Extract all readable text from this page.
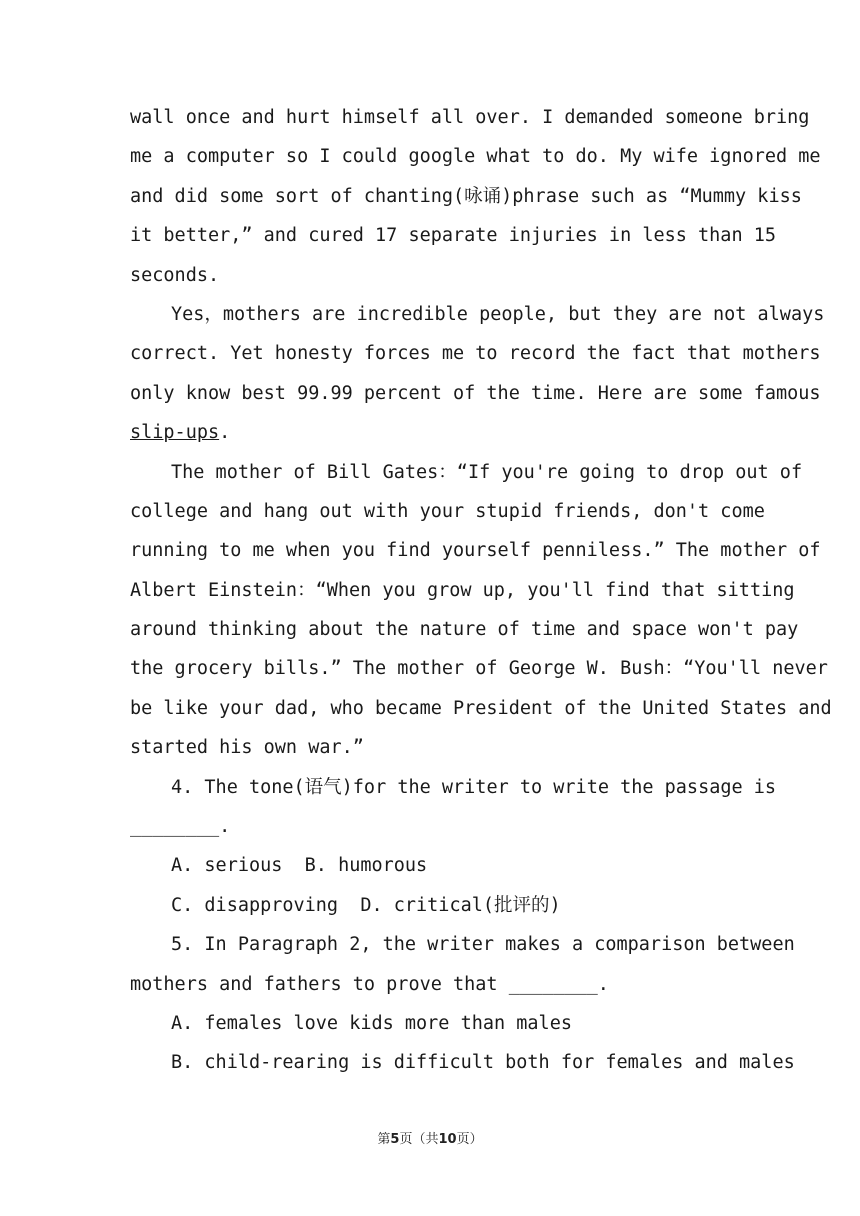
wall once and hurt himself all over. I demanded someone bring
me a computer so I could google what to do. My wife ignored me
and did some sort of chanting(咏诵)phrase such as “Mummy kiss
it better,” and cured 17 separate injuries in less than 15
seconds.
Yes，mothers are incredible people, but they are not always
correct. Yet honesty forces me to record the fact that mothers
only know best 99.99 percent of the time. Here are some famous
slip-ups.
The mother of Bill Gates：“If you're going to drop out of
college and hang out with your stupid friends, don't come
running to me when you find yourself penniless.” The mother of
Albert Einstein：“When you grow up, you'll find that sitting
around thinking about the nature of time and space won't pay
the grocery bills.” The mother of George W. Bush：“You'll never
be like your dad, who became President of the United States and
started his own war.”
4. The tone(语气)for the writer to write the passage is
________.
A. serious  B. humorous
C. disapproving  D. critical(批评的)
5. In Paragraph 2, the writer makes a comparison between
mothers and fathers to prove that ________.
A. females love kids more than males
B. child-rearing is difficult both for females and males
第5页（共10页）
